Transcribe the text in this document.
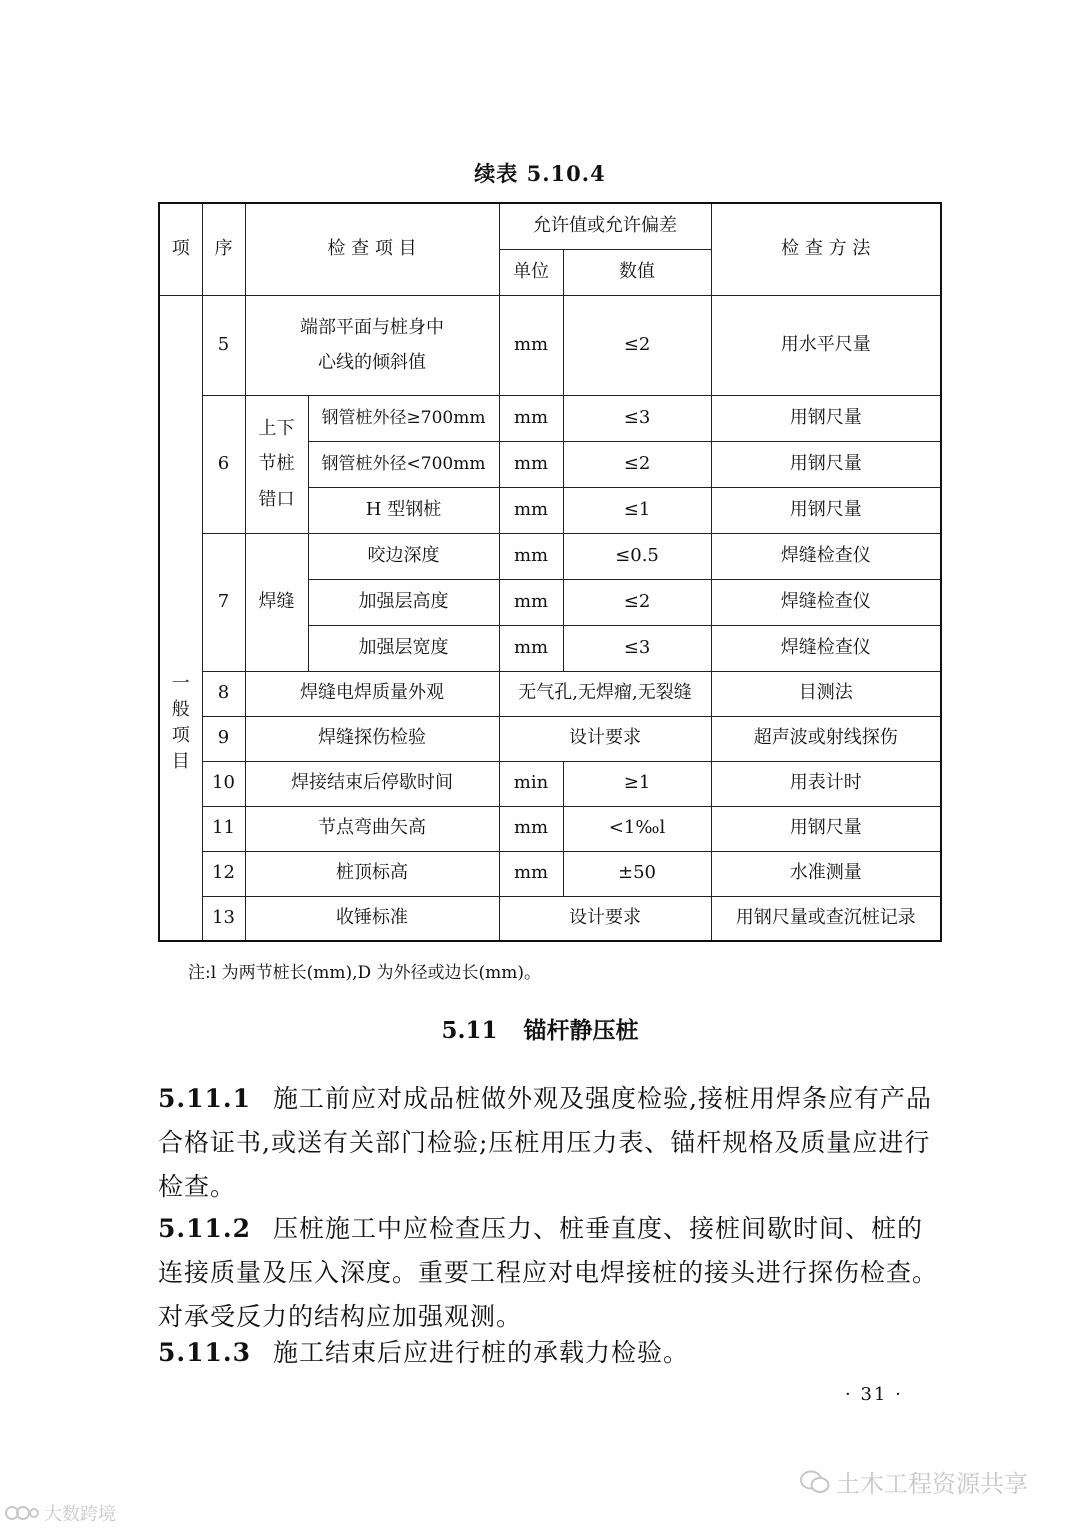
续表 5.10.4
项	序	检 查 项 目		允许值或允许偏差		检 查 方 法
				单位	数值	

一般项目	5	端部平面与桩身中心线的倾斜值		mm	≤2	用水平尺量
	6	上下节桩错口	钢管桩外径≥700mm	mm	≤3	用钢尺量
			钢管桩外径<700mm	mm	≤2	用钢尺量
			H 型钢桩	mm	≤1	用钢尺量
	7	焊缝	咬边深度	mm	≤0.5	焊缝检查仪
			加强层高度	mm	≤2	焊缝检查仪
			加强层宽度	mm	≤3	焊缝检查仪
	8	焊缝电焊质量外观		无气孔,无焊瘤,无裂缝		目测法
	9	焊缝探伤检验		设计要求		超声波或射线探伤
	10	焊接结束后停歇时间		min	≥1	用表计时
	11	节点弯曲矢高		mm	<1‰l	用钢尺量
	12	桩顶标高		mm	±50	水准测量
	13	收锤标准		设计要求		用钢尺量或查沉桩记录
注:l 为两节桩长(mm),D 为外径或边长(mm)。
5.11 锚杆静压桩
5.11.1 施工前应对成品桩做外观及强度检验,接桩用焊条应有产品合格证书,或送有关部门检验;压桩用压力表、锚杆规格及质量应进行检查。
5.11.2 压桩施工中应检查压力、桩垂直度、接桩间歇时间、桩的连接质量及压入深度。重要工程应对电焊接桩的接头进行探伤检查。对承受反力的结构应加强观测。
5.11.3 施工结束后应进行桩的承载力检验。
· 31 ·
土木工程资源共享
大数跨境
